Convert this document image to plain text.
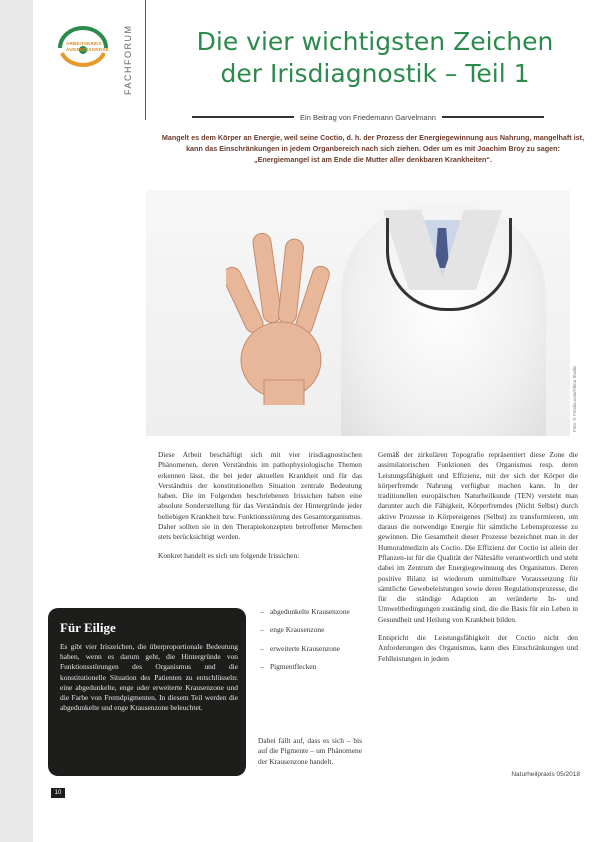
ARBEITSKREIS
AUGENDIAGNOSE	FACHFORUM	Die vier wichtigsten Zeichen
der Irisdiagnostik – Teil 1
Ein Beitrag von Friedemann Garvelmann
Mangelt es dem Körper an Energie, weil seine Coctio, d. h. der Prozess der Energiegewinnung aus Nahrung, mangelhaft ist, kann das Einschränkungen in jedem Organbereich nach sich ziehen. Oder um es mit Joachim Broy zu sagen: „Energiemangel ist am Ende die Mutter aller denkbaren Krankheiten“.
Foto: © Fotolia.com/Africa Studio

Diese Arbeit beschäftigt sich mit vier irisdiagnostischen Phänomenen, deren Verständnis im pathophysiologische Themen erkennen lässt, die bei jeder aktuellen Krankheit und für das Verständnis der konstitutionellen Situation zentrale Bedeutung haben. Die im Folgenden beschriebenen Irissichen haben eine absolute Sonderstellung für das Verständnis der Hintergründe jeder beliebigen Krankheit bzw. Funktionsstörung des Gesamtorganismus. Daher sollten sie in den Therapiekonzepten betroffener Menschen stets berücksichtigt werden.

Konkret handelt es sich um folgende Irissichen:

– abgedunkelte Krausenzone
– enge Krausenzone
– erweiterte Krausenzone
– Pigmentflecken
Dabei fällt auf, dass es sich – bis auf die Pigmente – um Phänomene der Krausenzone handelt.

Gemäß der zirkulären Topografie repräsentiert diese Zone die assimilatorischen Funktionen des Organismus resp. deren Leistungsfähigkeit und Effizienz, mit der sich der Körper die körperfremde Nahrung verfügbar machen kann. In der traditionellen europäischen Naturheilkunde (TEN) versteht man darunter auch die Fähigkeit, Körperfremdes (Nicht Selbst) durch aktive Prozesse in Körpereigenes (Selbst) zu transformieren, um daraus die notwendige Energie für sämtliche Lebensprozesse zu gewinnen. Die Gesamtheit dieser Prozesse bezeichnet man in der Humoralmedizin als Coctio. Die Effizienz der Coctio ist allein der Pflanzen-ist für die Qualität der Nährsäfte verantwortlich und steht dabei im Zentrum der Energiegewinnung des Organismus. Deren positive Bilanz ist wiederum unmittelbare Voraussetzung für sämtliche Gewebeleistungen sowie deren Regulationsprozesse, die für die ständige Adaption an veränderte In- und Umweltbedingungen zuständig sind, die die Basis für ein Leben in Gesundheit und Heilung von Krankheit bilden.

Entspricht die Leistungsfähigkeit der Coctio nicht den Anforderungen des Organismus, kann dies Einschränkungen und Fehlleistungen in jedem

Für Eilige
Es gibt vier Iriszeichen, die überproportionale Bedeutung haben, wenn es darum geht, die Hintergründe von Funktionsstörungen des Organismus und die konstitutionelle Situation des Patienten zu entschlüsseln: eine abgedunkelte, enge oder erweiterte Krausenzone und die Farbe von Fremdpigmenten. In diesem Teil werden die abgedunkelte und enge Krausenzone beleuchtet.
10
Naturheilpraxis 05/2018
